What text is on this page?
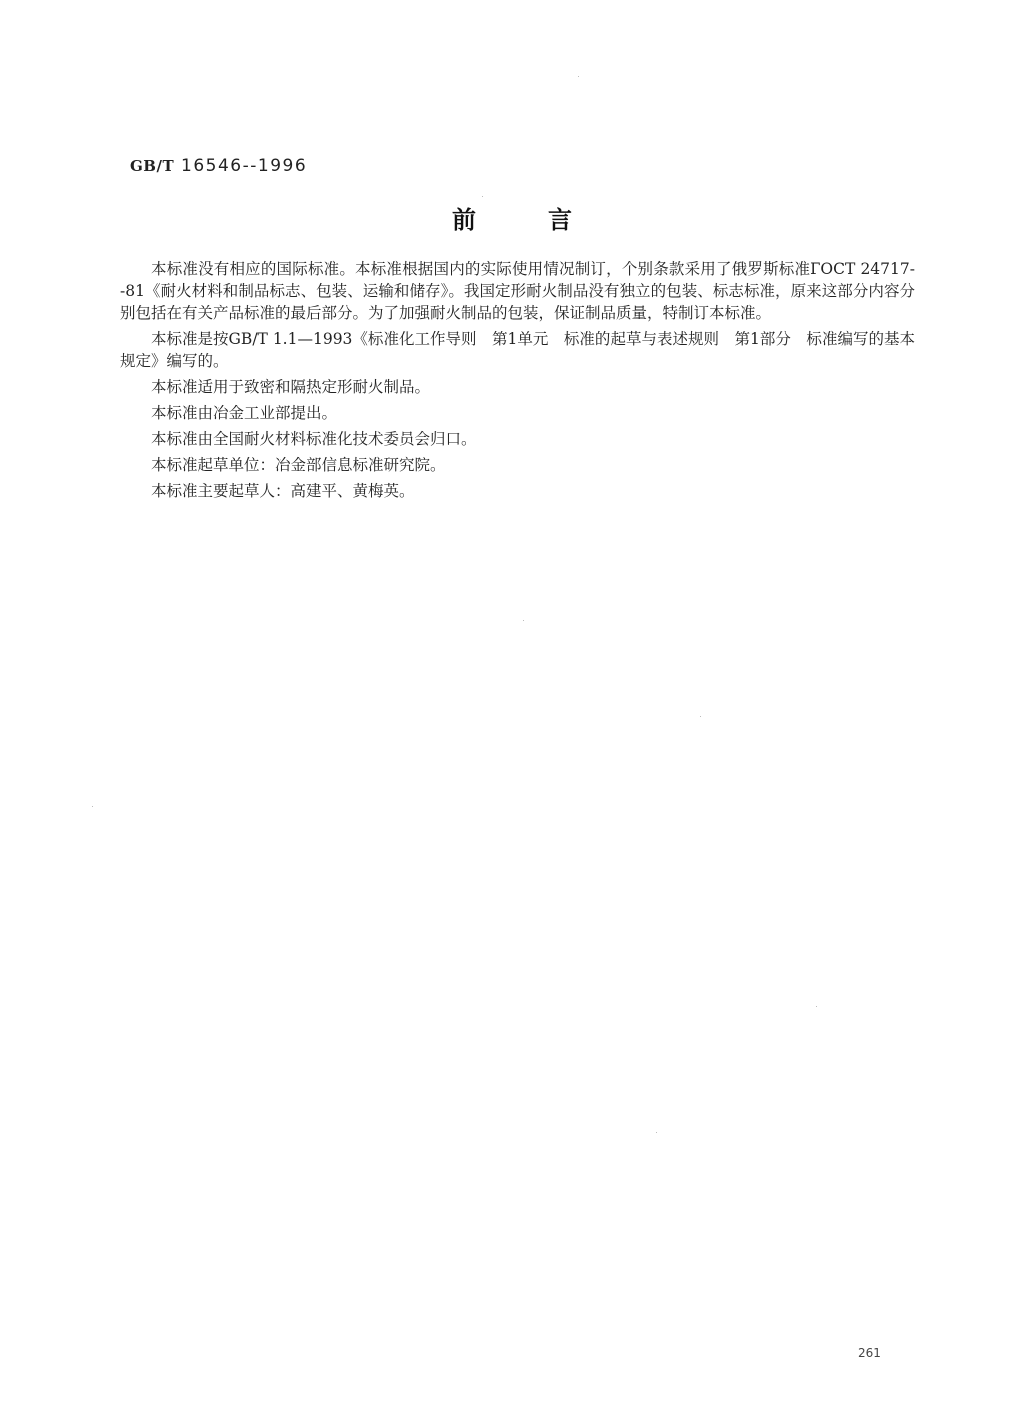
GB/T 16546--1996
前言

本标准没有相应的国际标准。本标准根据国内的实际使用情况制订，个别条款采用了俄罗斯标准ГОСТ 24717--81《耐火材料和制品标志、包装、运输和储存》。我国定形耐火制品没有独立的包装、标志标准，原来这部分内容分别包括在有关产品标准的最后部分。为了加强耐火制品的包装，保证制品质量，特制订本标准。

本标准是按GB/T 1.1—1993《标准化工作导则　第1单元　标准的起草与表述规则　第1部分　标准编写的基本规定》编写的。

本标准适用于致密和隔热定形耐火制品。

本标准由冶金工业部提出。

本标准由全国耐火材料标准化技术委员会归口。

本标准起草单位：冶金部信息标准研究院。

本标准主要起草人：高建平、黄梅英。

261
